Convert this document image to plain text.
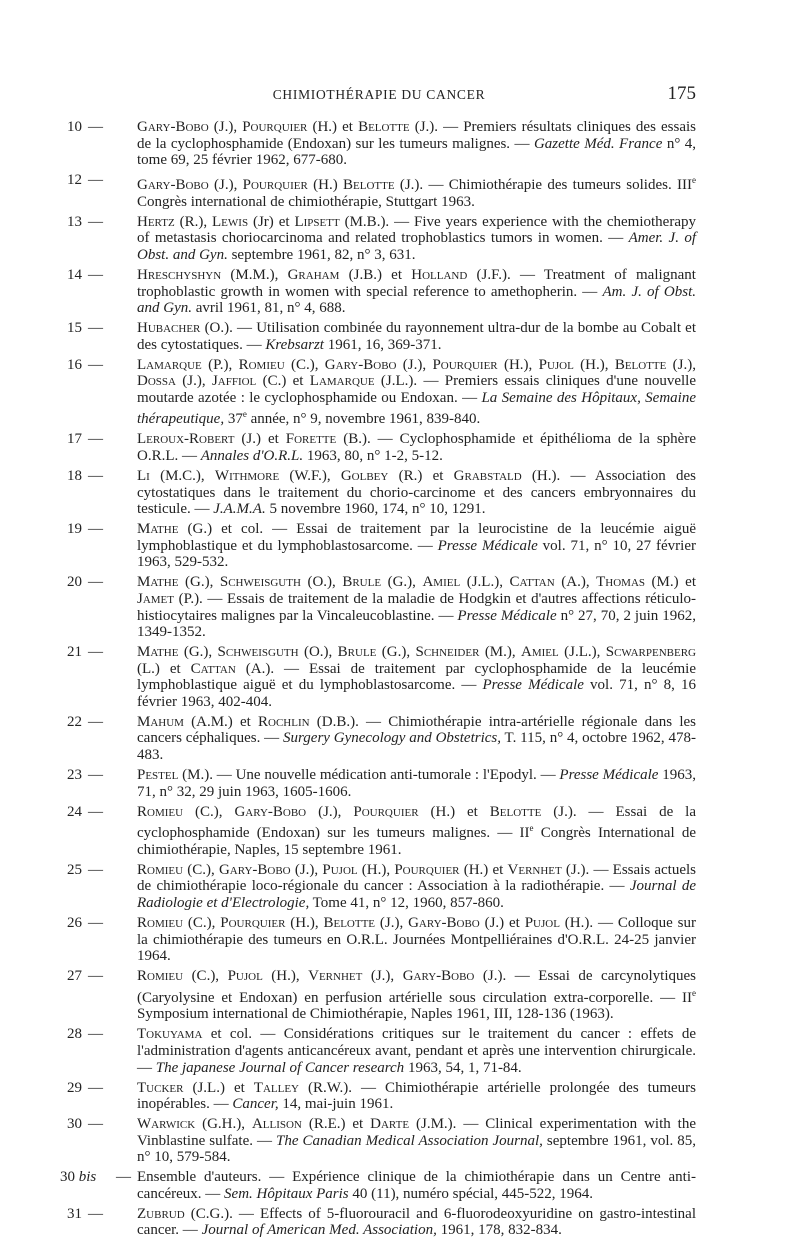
CHIMIOTHÉRAPIE DU CANCER	175
10 — Gary-Bobo (J.), Pourquier (H.) et Belotte (J.). — Premiers résultats cliniques des essais de la cyclophosphamide (Endoxan) sur les tumeurs malignes. — Gazette Méd. France n° 4, tome 69, 25 février 1962, 677-680.
12 — Gary-Bobo (J.), Pourquier (H.) Belotte (J.). — Chimiothérapie des tumeurs solides. IIIe Congrès international de chimiothérapie, Stuttgart 1963.
13 — Hertz (R.), Lewis (Jr) et Lipsett (M.B.). — Five years experience with the chemiotherapy of metastasis choriocarcinoma and related trophoblastics tumors in women. — Amer. J. of Obst. and Gyn. septembre 1961, 82, n° 3, 631.
14 — Hreschyshyn (M.M.), Graham (J.B.) et Holland (J.F.). — Treatment of malignant trophoblastic growth in women with special reference to amethopherin. — Am. J. of Obst. and Gyn. avril 1961, 81, n° 4, 688.
15 — Hubacher (O.). — Utilisation combinée du rayonnement ultra-dur de la bombe au Cobalt et des cytostatiques. — Krebsarzt 1961, 16, 369-371.
16 — Lamarque (P.), Romieu (C.), Gary-Bobo (J.), Pourquier (H.), Pujol (H.), Belotte (J.), Dossa (J.), Jaffiol (C.) et Lamarque (J.L.). — Premiers essais cliniques d'une nouvelle moutarde azotée : le cyclophosphamide ou Endoxan. — La Semaine des Hôpitaux, Semaine thérapeutique, 37e année, n° 9, novembre 1961, 839-840.
17 — Leroux-Robert (J.) et Forette (B.). — Cyclophosphamide et épithélioma de la sphère O.R.L. — Annales d'O.R.L. 1963, 80, n° 1-2, 5-12.
18 — Li (M.C.), Withmore (W.F.), Golbey (R.) et Grabstald (H.). — Association des cytostatiques dans le traitement du chorio-carcinome et des cancers embryonnaires du testicule. — J.A.M.A. 5 novembre 1960, 174, n° 10, 1291.
19 — Mathe (G.) et col. — Essai de traitement par la leurocistine de la leucémie aiguë lymphoblastique et du lymphoblastosarcome. — Presse Médicale vol. 71, n° 10, 27 février 1963, 529-532.
20 — Mathe (G.), Schweisguth (O.), Brule (G.), Amiel (J.L.), Cattan (A.), Thomas (M.) et Jamet (P.). — Essais de traitement de la maladie de Hodgkin et d'autres affections réticulo-histiocytaires malignes par la Vincaleucoblastine. — Presse Médicale n° 27, 70, 2 juin 1962, 1349-1352.
21 — Mathe (G.), Schweisguth (O.), Brule (G.), Schneider (M.), Amiel (J.L.), Scwarpenberg (L.) et Cattan (A.). — Essai de traitement par cyclophosphamide de la leucémie lymphoblastique aiguë et du lymphoblastosarcome. — Presse Médicale vol. 71, n° 8, 16 février 1963, 402-404.
22 — Mahum (A.M.) et Rochlin (D.B.). — Chimiothérapie intra-artérielle régionale dans les cancers céphaliques. — Surgery Gynecology and Obstetrics, T. 115, n° 4, octobre 1962, 478-483.
23 — Pestel (M.). — Une nouvelle médication anti-tumorale : l'Epodyl. — Presse Médicale 1963, 71, n° 32, 29 juin 1963, 1605-1606.
24 — Romieu (C.), Gary-Bobo (J.), Pourquier (H.) et Belotte (J.). — Essai de la cyclophosphamide (Endoxan) sur les tumeurs malignes. — IIe Congrès International de chimiothérapie, Naples, 15 septembre 1961.
25 — Romieu (C.), Gary-Bobo (J.), Pujol (H.), Pourquier (H.) et Vernhet (J.). — Essais actuels de chimiothérapie loco-régionale du cancer : Association à la radiothérapie. — Journal de Radiologie et d'Electrologie, Tome 41, n° 12, 1960, 857-860.
26 — Romieu (C.), Pourquier (H.), Belotte (J.), Gary-Bobo (J.) et Pujol (H.). — Colloque sur la chimiothérapie des tumeurs en O.R.L. Journées Montpelliéraines d'O.R.L. 24-25 janvier 1964.
27 — Romieu (C.), Pujol (H.), Vernhet (J.), Gary-Bobo (J.). — Essai de carcynolytiques (Caryolysine et Endoxan) en perfusion artérielle sous circulation extra-corporelle. — IIe Symposium international de Chimiothérapie, Naples 1961, III, 128-136 (1963).
28 — Tokuyama et col. — Considérations critiques sur le traitement du cancer : effets de l'administration d'agents anticancéreux avant, pendant et après une intervention chirurgicale. — The japanese Journal of Cancer research 1963, 54, 1, 71-84.
29 — Tucker (J.L.) et Talley (R.W.). — Chimiothérapie artérielle prolongée des tumeurs inopérables. — Cancer, 14, mai-juin 1961.
30 — Warwick (G.H.), Allison (R.E.) et Darte (J.M.). — Clinical experimentation with the Vinblastine sulfate. — The Canadian Medical Association Journal, septembre 1961, vol. 85, n° 10, 579-584.
30 bis — Ensemble d'auteurs. — Expérience clinique de la chimiothérapie dans un Centre anti-cancéreux. — Sem. Hôpitaux Paris 40 (11), numéro spécial, 445-522, 1964.
31 — Zubrud (C.G.). — Effects of 5-fluorouracil and 6-fluorodeoxyuridine on gastro-intestinal cancer. — Journal of American Med. Association, 1961, 178, 832-834.
